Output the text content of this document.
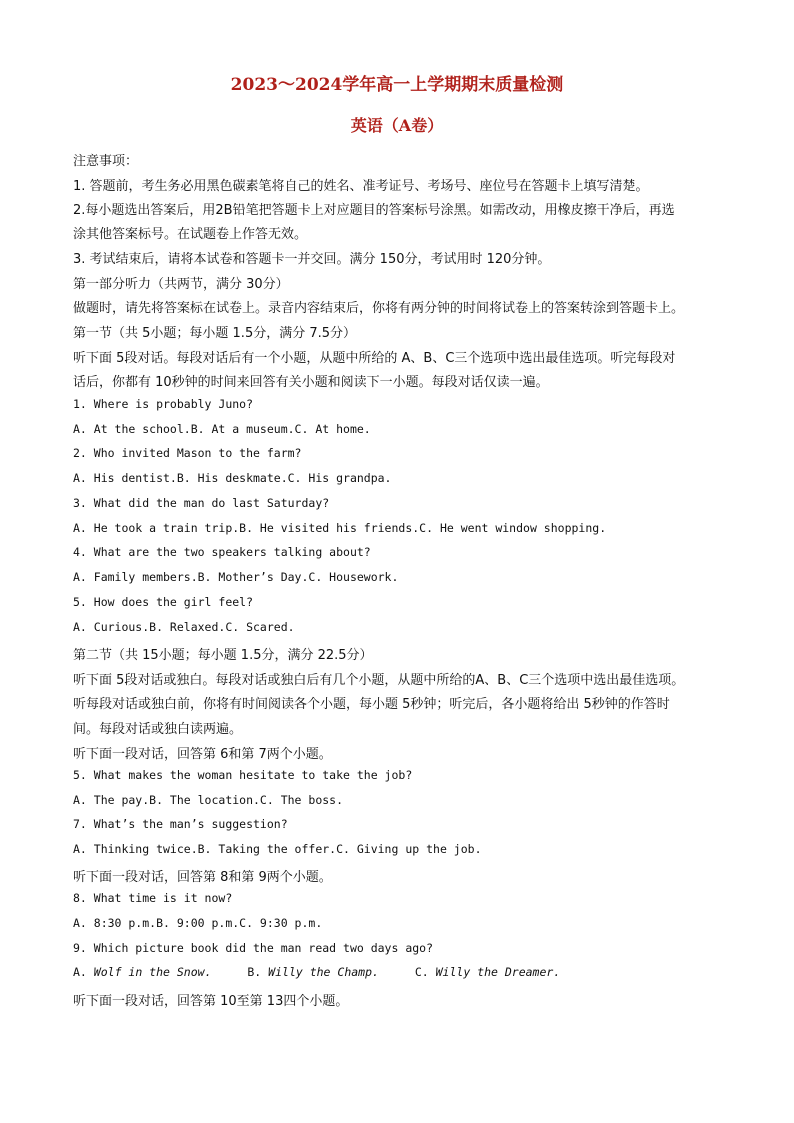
2023～2024学年高一上学期期末质量检测
英语（A卷）
注意事项：
1. 答题前，考生务必用黑色碳素笔将自己的姓名、准考证号、考场号、座位号在答题卡上填写清楚。
2.每小题选出答案后，用2B铅笔把答题卡上对应题目的答案标号涂黑。如需改动，用橡皮擦干净后，再选
涂其他答案标号。在试题卷上作答无效。
3. 考试结束后，请将本试卷和答题卡一并交回。满分 150分，考试用时 120分钟。
第一部分听力（共两节，满分 30分）
做题时，请先将答案标在试卷上。录音内容结束后，你将有两分钟的时间将试卷上的答案转涂到答题卡上。
第一节（共 5小题；每小题 1.5分，满分 7.5分）
听下面 5段对话。每段对话后有一个小题，从题中所给的 A、B、C三个选项中选出最佳选项。听完每段对
话后，你都有 10秒钟的时间来回答有关小题和阅读下一小题。每段对话仅读一遍。
1. Where is probably Juno?
A. At the school.B. At a museum.C. At home.
2. Who invited Mason to the farm?
A. His dentist.B. His deskmate.C. His grandpa.
3. What did the man do last Saturday?
A. He took a train trip.B. He visited his friends.C. He went window shopping.
4. What are the two speakers talking about?
A. Family members.B. Mother’s Day.C. Housework.
5. How does the girl feel?
A. Curious.B. Relaxed.C. Scared.
第二节（共 15小题；每小题 1.5分，满分 22.5分）
听下面 5段对话或独白。每段对话或独白后有几个小题，从题中所给的A、B、C三个选项中选出最佳选项。
听每段对话或独白前，你将有时间阅读各个小题，每小题 5秒钟；听完后，各小题将给出 5秒钟的作答时
间。每段对话或独白读两遍。
听下面一段对话，回答第 6和第 7两个小题。
5. What makes the woman hesitate to take the job?
A. The pay.B. The location.C. The boss.
7. What’s the man’s suggestion?
A. Thinking twice.B. Taking the offer.C. Giving up the job.
听下面一段对话，回答第 8和第 9两个小题。
8. What time is it now?
A. 8:30 p.m.B. 9:00 p.m.C. 9:30 p.m.
9. Which picture book did the man read two days ago?
A. Wolf in the Snow.	B. Willy the Champ.	C. Willy the Dreamer.
听下面一段对话，回答第 10至第 13四个小题。
